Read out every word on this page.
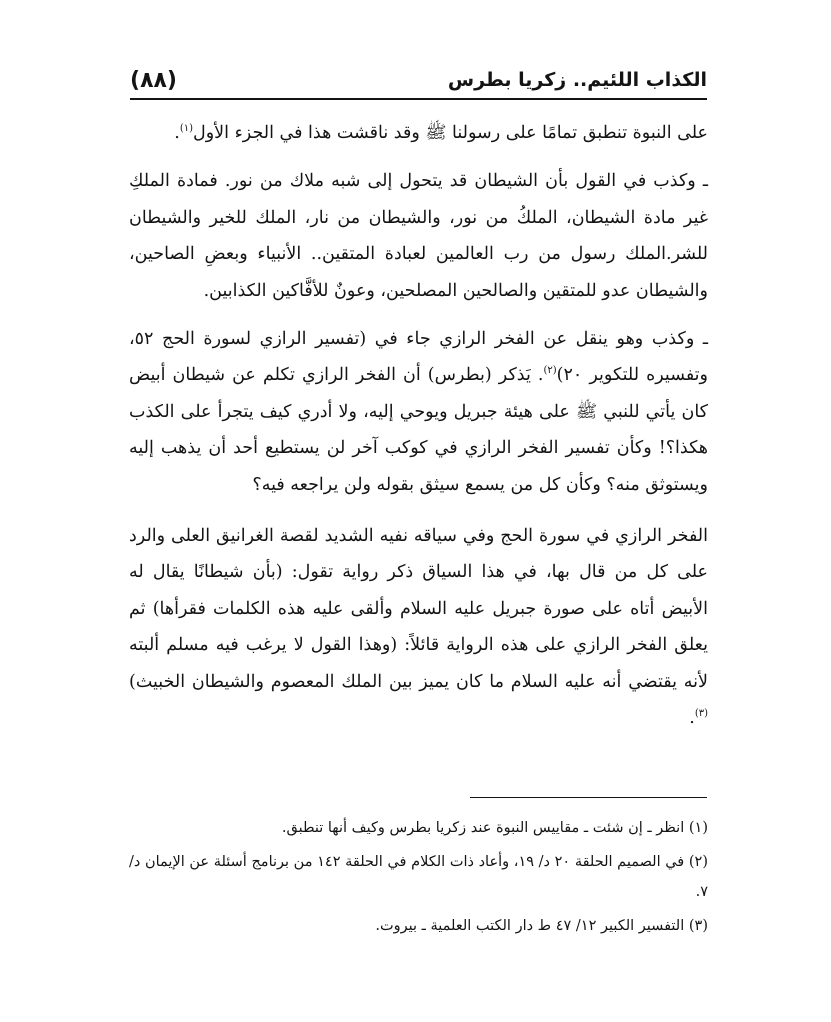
(٨٨)	الكذاب اللئيم.. زكريا بطرس

على النبوة تنطبق تمامًا على رسولنا ﷺ وقد ناقشت هذا في الجزء الأول$^{(١)}$.

ـ وكذب في القول بأن الشيطان قد يتحول إلى شبه ملاك من نور. فمادة الملكِ غير مادة الشيطان، الملكُ من نور، والشيطان من نار، الملك للخير والشيطان للشر.الملك رسول من رب العالمين لعبادة المتقين.. الأنبياء وبعضِ الصاحين، والشيطان عدو للمتقين والصالحين المصلحين، وعونٌ للأفَّاكين الكذابين.

ـ وكذب وهو ينقل عن الفخر الرازي جاء في (تفسير الرازي لسورة الحج ٥٢، وتفسيره للتكوير ٢٠)$^{(٢)}$. يَذكر (بطرس) أن الفخر الرازي تكلم عن شيطان أبيض كان يأتي للنبي ﷺ على هيئة جبريل ويوحي إليه، ولا أدري كيف يتجرأ على الكذب هكذا؟! وكأن تفسير الفخر الرازي في كوكب آخر لن يستطيع أحد أن يذهب إليه ويستوثق منه؟ وكأن كل من يسمع سيثق بقوله ولن يراجعه فيه؟

الفخر الرازي في سورة الحج وفي سياقه نفيه الشديد لقصة الغرانيق العلى والرد على كل من قال بها، في هذا السياق ذكر رواية تقول: (بأن شيطانًا يقال له الأبيض أتاه على صورة جبريل عليه السلام وألقى عليه هذه الكلمات فقرأها) ثم يعلق الفخر الرازي على هذه الرواية قائلاً: (وهذا القول لا يرغب فيه مسلم ألبته لأنه يقتضي أنه عليه السلام ما كان يميز بين الملك المعصوم والشيطان الخبيث)$^{(٣)}$.

(١) انظر ـ إن شئت ـ مقاييس النبوة عند زكريا بطرس وكيف أنها تنطبق.

(٢) في الصميم الحلقة ٢٠ د/ ١٩، وأعاد ذات الكلام في الحلقة ١٤٢ من برنامج أسئلة عن الإيمان د/ ٧.

(٣) التفسير الكبير ١٢/ ٤٧ ط دار الكتب العلمية ـ بيروت.
